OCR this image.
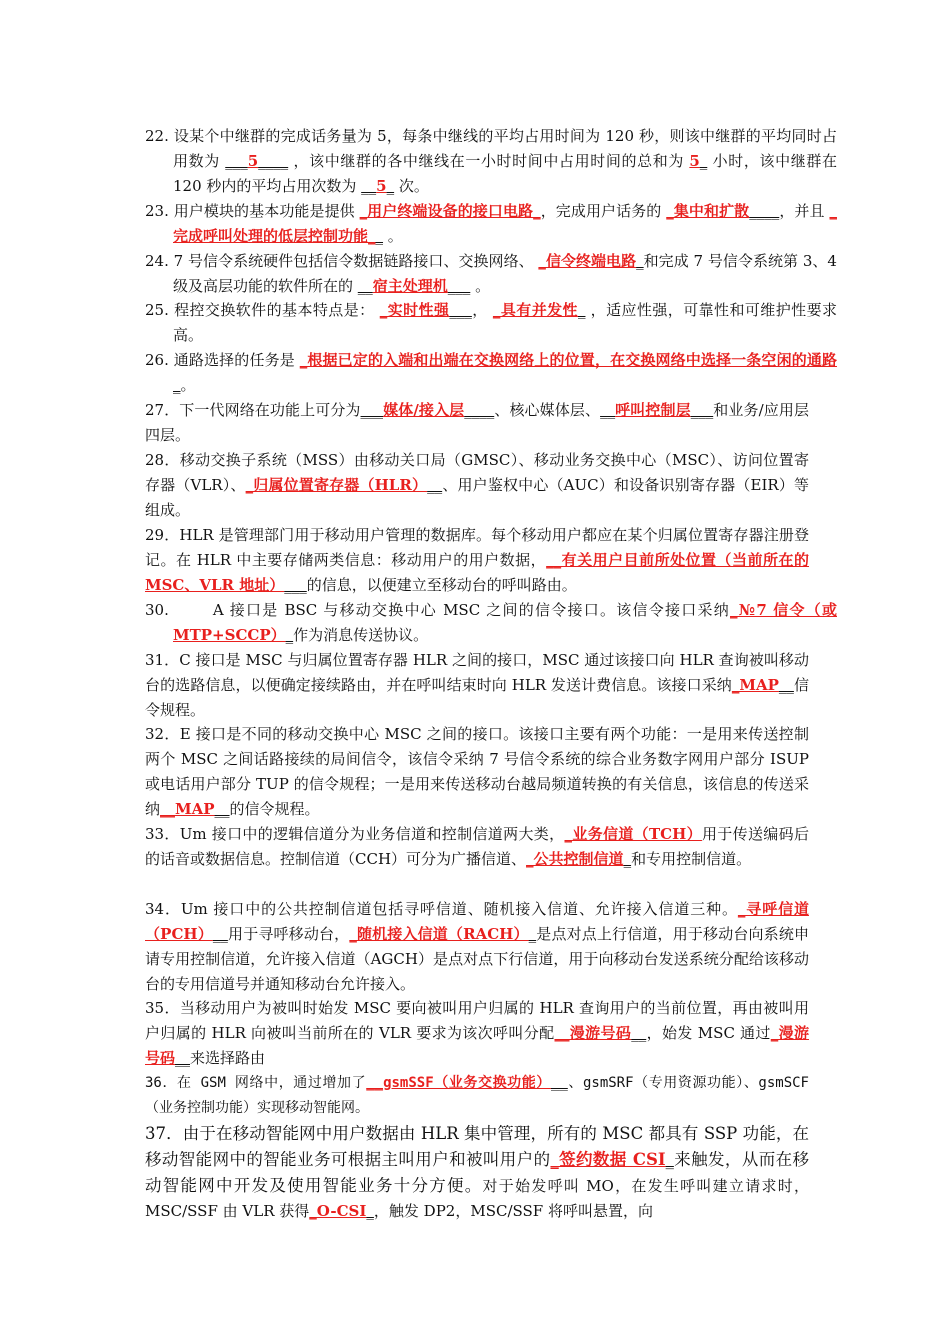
22. 设某个中继群的完成话务量为 5，每条中继线的平均占用时间为 120 秒，则该中继群的平均同时占用数为 ___5____ ，该中继群的各中继线在一小时时间中占用时间的总和为 5_ 小时，该中继群在 120 秒内的平均占用次数为 __5_ 次。
23. 用户模块的基本功能是提供 _用户终端设备的接口电路_，完成用户话务的 _集中和扩散____，并且 _完成呼叫处理的低层控制功能__ 。
24. 7 号信令系统硬件包括信令数据链路接口、交换网络、 _信令终端电路_和完成 7 号信令系统第 3、4 级及高层功能的软件所在的 __宿主处理机___ 。
25. 程控交换软件的基本特点是： _实时性强___， _具有并发性_ ，适应性强，可靠性和可维护性要求高。
26. 通路选择的任务是 _根据已定的入端和出端在交换网络上的位置，在交换网络中选择一条空闲的通路_。
27．下一代网络在功能上可分为___媒体/接入层____、核心媒体层、__呼叫控制层___和业务/应用层四层。
28．移动交换子系统（MSS）由移动关口局（GMSC）、移动业务交换中心（MSC）、访问位置寄存器（VLR）、_归属位置寄存器（HLR）__、用户鉴权中心（AUC）和设备识别寄存器（EIR）等组成。
29．HLR 是管理部门用于移动用户管理的数据库。每个移动用户都应在某个归属位置寄存器注册登记。在 HLR 中主要存储两类信息：移动用户的用户数据，__有关用户目前所处位置（当前所在的 MSC、VLR 地址）___的信息，以便建立至移动台的呼叫路由。
30.	A 接口是 BSC 与移动交换中心 MSC 之间的信令接口。该信令接口采纳_№7 信令（或 MTP+SCCP）_作为消息传送协议。
31．C 接口是 MSC 与归属位置寄存器 HLR 之间的接口，MSC 通过该接口向 HLR 查询被叫移动台的选路信息，以便确定接续路由，并在呼叫结束时向 HLR 发送计费信息。该接口采纳_MAP__信令规程。
32．E 接口是不同的移动交换中心 MSC 之间的接口。该接口主要有两个功能：一是用来传送控制两个 MSC 之间话路接续的局间信令，该信令采纳 7 号信令系统的综合业务数字网用户部分 ISUP 或电话用户部分 TUP 的信令规程；一是用来传送移动台越局频道转换的有关信息，该信息的传送采纳__MAP__的信令规程。
33．Um 接口中的逻辑信道分为业务信道和控制信道两大类，_业务信道（TCH）用于传送编码后的话音或数据信息。控制信道（CCH）可分为广播信道、_公共控制信道_和专用控制信道。
34．Um 接口中的公共控制信道包括寻呼信道、随机接入信道、允许接入信道三种。_寻呼信道（PCH）__用于寻呼移动台，_随机接入信道（RACH）_是点对点上行信道，用于移动台向系统申请专用控制信道，允许接入信道（AGCH）是点对点下行信道，用于向移动台发送系统分配给该移动台的专用信道号并通知移动台允许接入。
35．当移动用户为被叫时始发 MSC 要向被叫用户归属的 HLR 查询用户的当前位置，再由被叫用户归属的 HLR 向被叫当前所在的 VLR 要求为该次呼叫分配__漫游号码__，始发 MSC 通过_漫游号码__来选择路由
36．在 GSM 网络中，通过增加了__gsmSSF（业务交换功能）__、gsmSRF（专用资源功能）、gsmSCF（业务控制功能）实现移动智能网。
37．由于在移动智能网中用户数据由 HLR 集中管理，所有的 MSC 都具有 SSP 功能，在移动智能网中的智能业务可根据主叫用户和被叫用户的_签约数据 CSI_来触发，从而在移动智能网中开发及使用智能业务十分方便。对于始发呼叫 MO，在发生呼叫建立请求时，MSC/SSF 由 VLR 获得_O-CSI_，触发 DP2，MSC/SSF 将呼叫悬置，向
